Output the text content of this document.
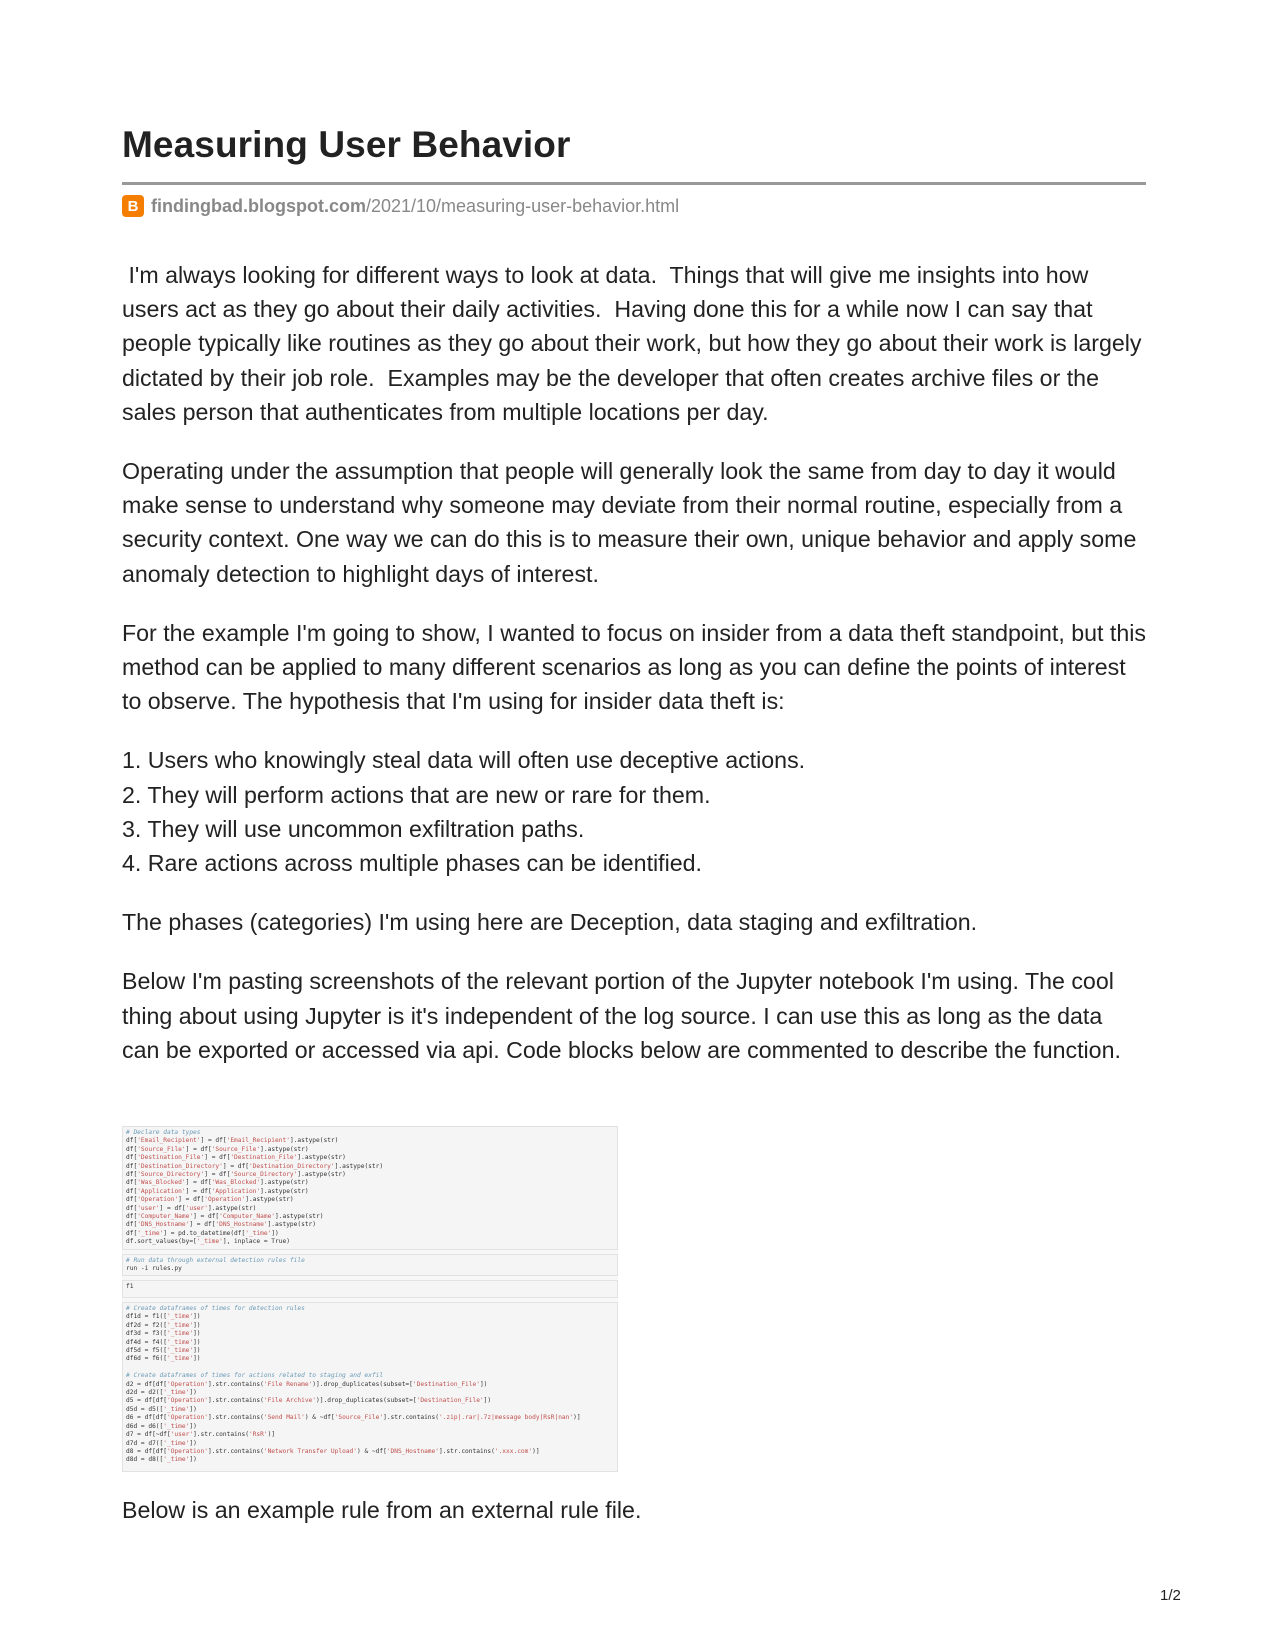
Measuring User Behavior
B findingbad.blogspot.com /2021/10/measuring-user-behavior.html

I'm always looking for different ways to look at data.  Things that will give me insights into how users act as they go about their daily activities.  Having done this for a while now I can say that people typically like routines as they go about their work, but how they go about their work is largely dictated by their job role.  Examples may be the developer that often creates archive files or the sales person that authenticates from multiple locations per day.

Operating under the assumption that people will generally look the same from day to day it would make sense to understand why someone may deviate from their normal routine, especially from a security context. One way we can do this is to measure their own, unique behavior and apply some anomaly detection to highlight days of interest.

For the example I'm going to show, I wanted to focus on insider from a data theft standpoint, but this method can be applied to many different scenarios as long as you can define the points of interest to observe. The hypothesis that I'm using for insider data theft is:

1. Users who knowingly steal data will often use deceptive actions.
2. They will perform actions that are new or rare for them.
3. They will use uncommon exfiltration paths.
4. Rare actions across multiple phases can be identified.

The phases (categories) I'm using here are Deception, data staging and exfiltration.

Below I'm pasting screenshots of the relevant portion of the Jupyter notebook I'm using. The cool thing about using Jupyter is it's independent of the log source. I can use this as long as the data can be exported or accessed via api. Code blocks below are commented to describe the function.

# Declare data types
df['Email_Recipient'] = df['Email_Recipient'].astype(str)
df['Source_File'] = df['Source_File'].astype(str)
df['Destination_File'] = df['Destination_File'].astype(str)
df['Destination_Directory'] = df['Destination_Directory'].astype(str)
df['Source_Directory'] = df['Source_Directory'].astype(str)
df['Was_Blocked'] = df['Was_Blocked'].astype(str)
df['Application'] = df['Application'].astype(str)
df['Operation'] = df['Operation'].astype(str)
df['user'] = df['user'].astype(str)
df['Computer_Name'] = df['Computer_Name'].astype(str)
df['DNS_Hostname'] = df['DNS_Hostname'].astype(str)
df['_time'] = pd.to_datetime(df['_time'])
df.sort_values(by=['_time'], inplace = True)
# Run data through external detection rules file
run -i rules.py
f1
# Create dataframes of times for detection rules
df1d = f1(['_time'])
df2d = f2(['_time'])
df3d = f3(['_time'])
df4d = f4(['_time'])
df5d = f5(['_time'])
df6d = f6(['_time'])

# Create dataframes of times for actions related to staging and exfil
d2 = df[df['Operation'].str.contains('File Rename')].drop_duplicates(subset=['Destination_File'])
d2d = d2(['_time'])
d5 = df[df['Operation'].str.contains('File Archive')].drop_duplicates(subset=['Destination_File'])
d5d = d5(['_time'])
d6 = df[df['Operation'].str.contains('Send Mail') & ~df['Source_File'].str.contains('.zip|.rar|.7z|message body|RsR|nan')]
d6d = d6(['_time'])
d7 = df[~df['user'].str.contains('RsR')]
d7d = d7(['_time'])
d8 = df[df['Operation'].str.contains('Network Transfer Upload') & ~df['DNS_Hostname'].str.contains('.xxx.com')]
d8d = d8(['_time'])
Below is an example rule from an external rule file.
1/2
